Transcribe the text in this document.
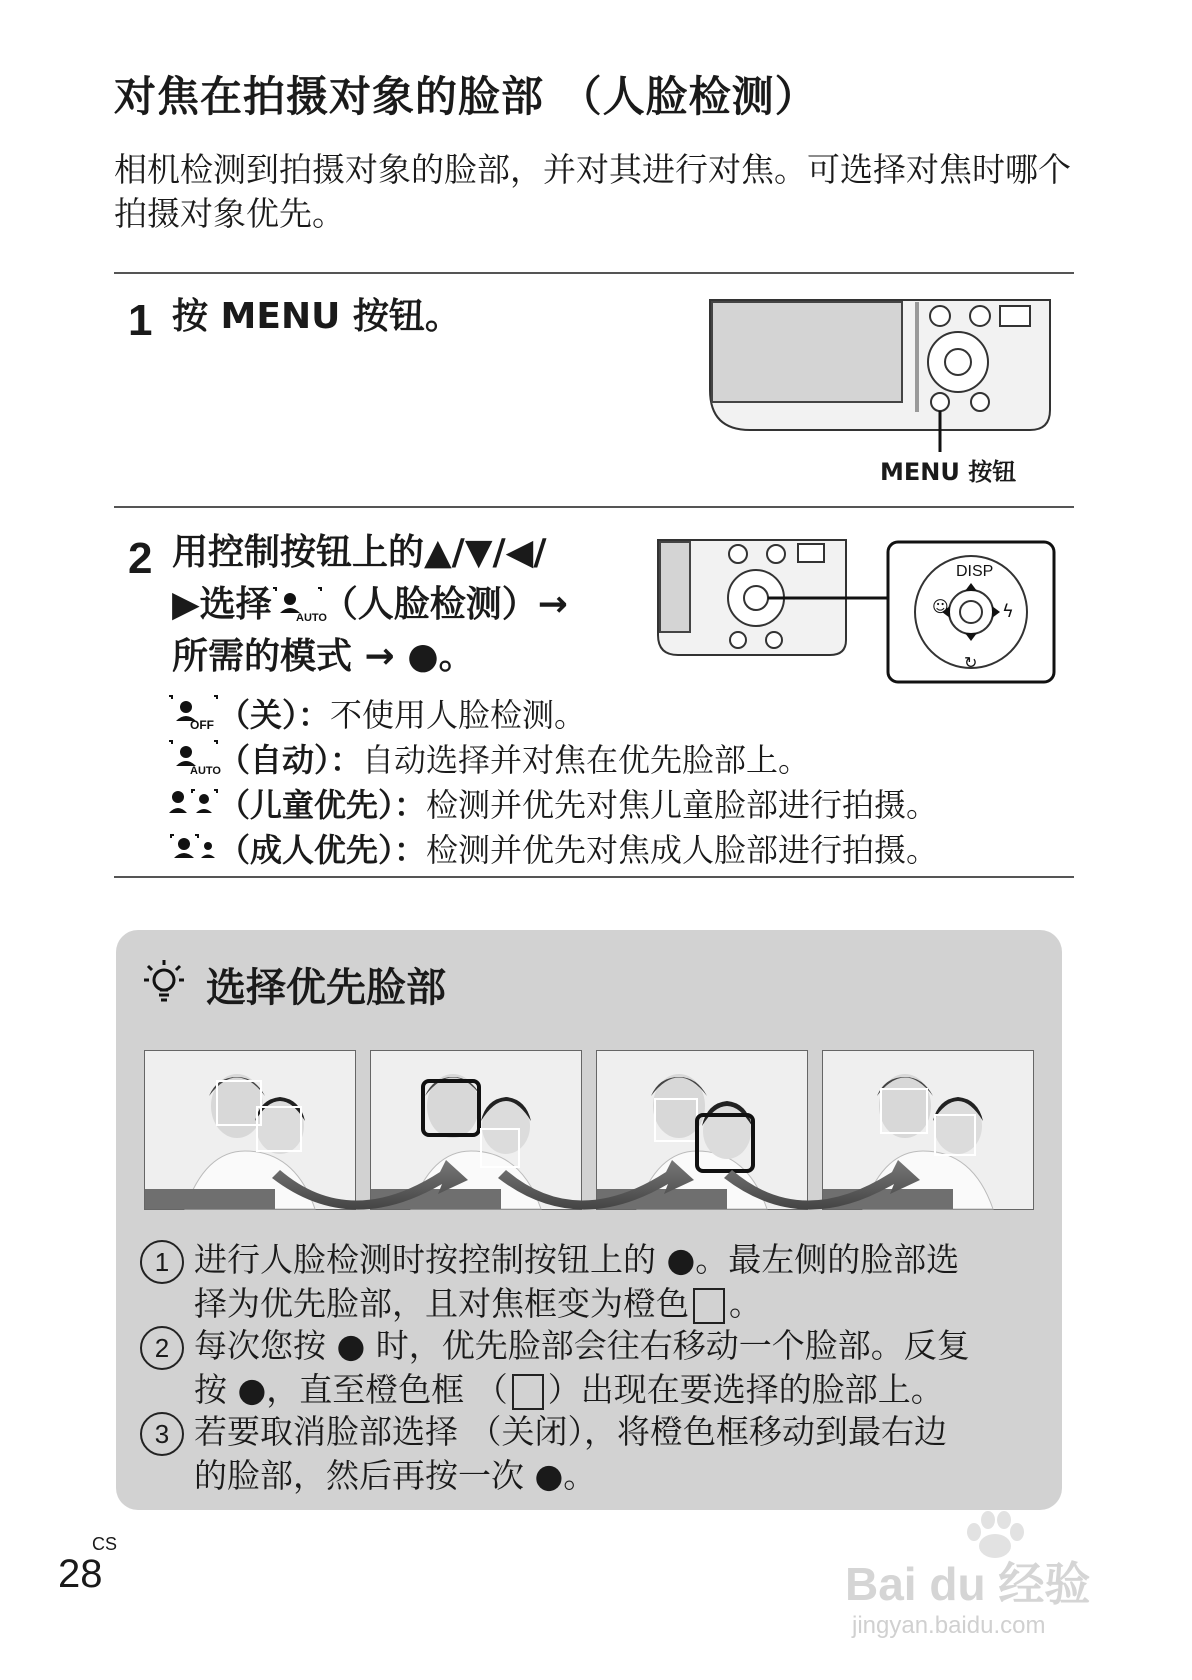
对焦在拍摄对象的脸部 （人脸检测）
相机检测到拍摄对象的脸部，并对其进行对焦。可选择对焦时哪个拍摄对象优先。
1 按 MENU 按钮。
MENU 按钮
2 用控制按钮上的▲/▼/◀/
▶选择 AUTO
（人脸检测）→
所需的模式 → ●。
☺	ϟ
↻
DISP
OFF （关）： 不使用人脸检测。
AUTO
（自动）： 自动选择并对焦在优先脸部上。
（儿童优先）： 检测并优先对焦儿童脸部进行拍摄。
（成人优先）： 检测并优先对焦成人脸部进行拍摄。
选择优先脸部
1 进行人脸检测时按控制按钮上的 ●。最左侧的脸部选
择为优先脸部，且对焦框变为橙色 。
2 每次您按 ● 时，优先脸部会往右移动一个脸部。反复
按 ●，直至橙色框 （ ）出现在要选择的脸部上。
3 若要取消脸部选择 （关闭），将橙色框移动到最右边
的脸部，然后再按一次 ●。
CS
28	Bai du 经验
jingyan.baidu.com
